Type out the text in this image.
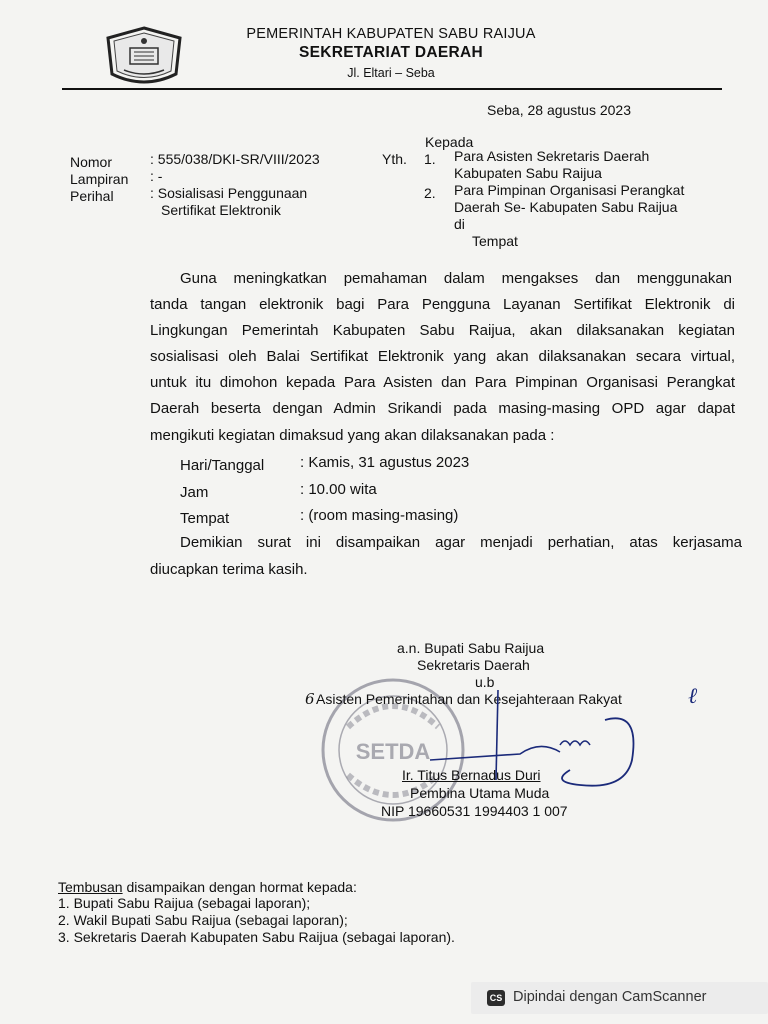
PEMERINTAH KABUPATEN SABU RAIJUA
SEKRETARIAT DAERAH
Jl. Eltari – Seba
Seba, 28 agustus 2023
Nomor	: 555/038/DKI-SR/VIII/2023
Lampiran : -
Perihal	: Sosialisasi Penggunaan
Sertifikat Elektronik
Kepada
Yth. 1. Para Asisten Sekretaris Daerah
Kabupaten Sabu Raijua
2. Para Pimpinan Organisasi Perangkat
Daerah Se- Kabupaten Sabu Raijua
di
Tempat
Guna meningkatkan pemahaman dalam mengakses dan menggunakan
tanda tangan elektronik bagi Para Pengguna Layanan Sertifikat Elektronik di
Lingkungan Pemerintah Kabupaten Sabu Raijua, akan dilaksanakan kegiatan
sosialisasi oleh Balai Sertifikat Elektronik yang akan dilaksanakan secara virtual,
untuk itu dimohon kepada Para Asisten dan Para Pimpinan Organisasi Perangkat
Daerah beserta dengan Admin Srikandi pada masing-masing OPD agar dapat
mengikuti kegiatan dimaksud yang akan dilaksanakan pada :
Hari/Tanggal : Kamis, 31 agustus 2023
Jam	: 10.00 wita
Tempat	: (room masing-masing)
Demikian surat ini disampaikan agar menjadi perhatian, atas kerjasama
diucapkan terima kasih.
SETDA
a.n. Bupati Sabu Raijua
Sekretaris Daerah
u.b
6 Asisten Pemerintahan dan Kesejahteraan Rakyat	ℓ
Ir. Titus Bernadus Duri
Pembina Utama Muda
NIP 19660531 1994403 1 007
Tembusan disampaikan dengan hormat kepada:
1. Bupati Sabu Raijua (sebagai laporan);
2. Wakil Bupati Sabu Raijua (sebagai laporan);
3. Sekretaris Daerah Kabupaten Sabu Raijua (sebagai laporan).
CS Dipindai dengan CamScanner
